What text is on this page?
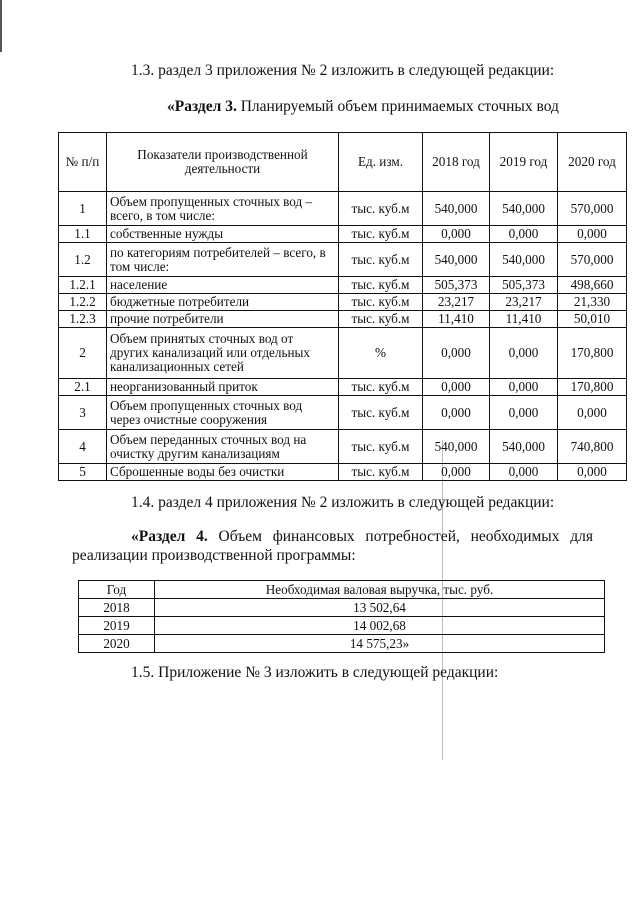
1.3. раздел 3 приложения № 2 изложить в следующей редакции:
«Раздел 3. Планируемый объем принимаемых сточных вод
№ п/п	Показатели производственной деятельности	Ед. изм.	2018 год	2019 год	2020 год
1	Объем пропущенных сточных вод – всего, в том числе:	тыс. куб.м	540,000	540,000	570,000
1.1	собственные нужды	тыс. куб.м	0,000	0,000	0,000
1.2	по категориям потребителей – всего, в том числе:	тыс. куб.м	540,000	540,000	570,000
1.2.1	население	тыс. куб.м	505,373	505,373	498,660
1.2.2	бюджетные потребители	тыс. куб.м	23,217	23,217	21,330
1.2.3	прочие потребители	тыс. куб.м	11,410	11,410	50,010
2	Объем принятых сточных вод от других канализаций или отдельных канализационных сетей	%	0,000	0,000	170,800
2.1	неорганизованный приток	тыс. куб.м	0,000	0,000	170,800
3	Объем пропущенных сточных вод через очистные сооружения	тыс. куб.м	0,000	0,000	0,000
4	Объем переданных сточных вод на очистку другим канализациям	тыс. куб.м	540,000	540,000	740,800
5	Сброшенные воды без очистки	тыс. куб.м	0,000	0,000	0,000
1.4. раздел 4 приложения № 2 изложить в следующей редакции:
«Раздел 4. Объем финансовых потребностей, необходимых для
реализации производственной программы:
Год	Необходимая валовая выручка, тыс. руб.
2018	13 502,64
2019	14 002,68
2020	14 575,23»
1.5. Приложение № 3 изложить в следующей редакции:
